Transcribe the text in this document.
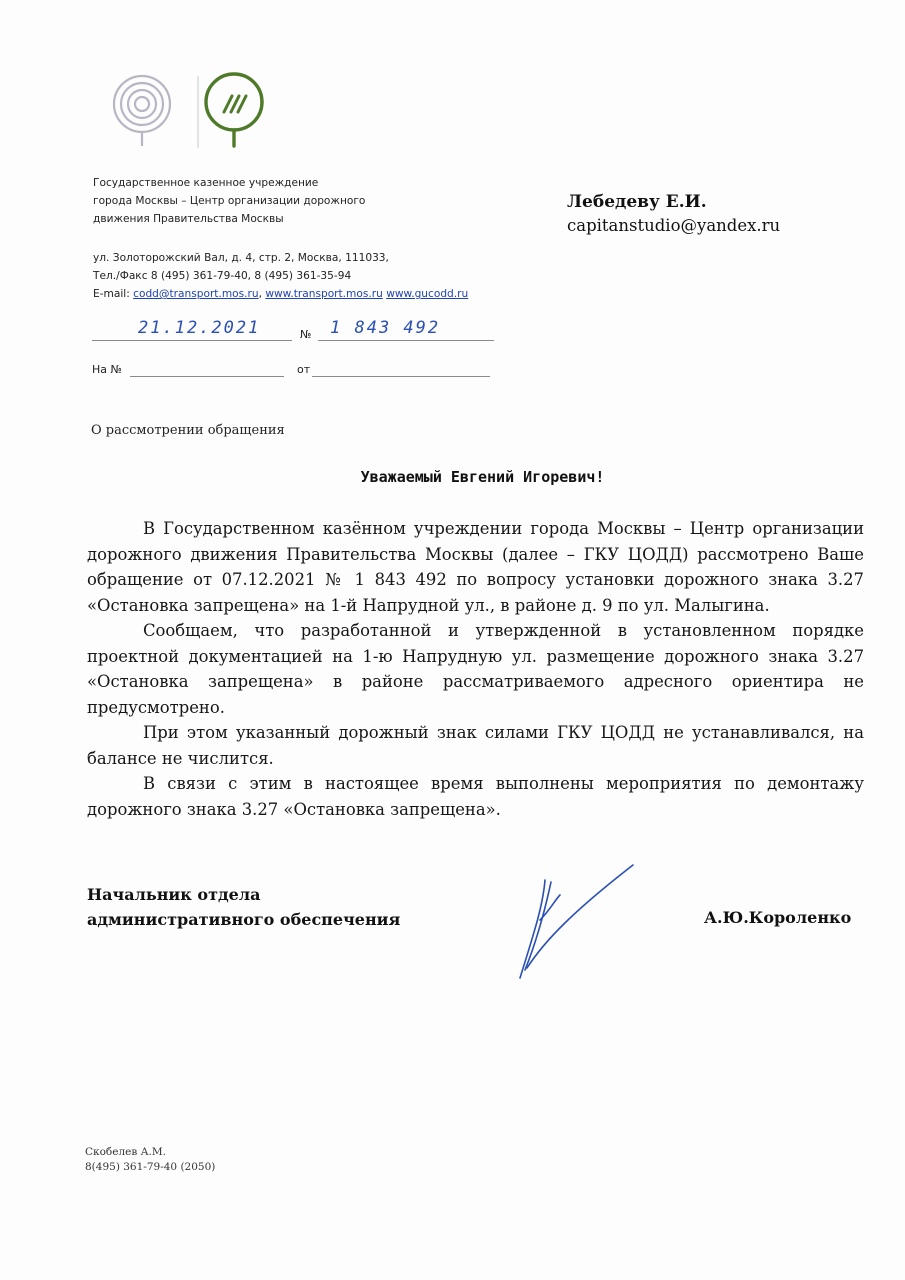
Государственное казенное учреждение
города Москвы – Центр организации дорожного
движения Правительства Москвы
ул. Золоторожский Вал, д. 4, стр. 2, Москва, 111033,
Тел./Факс 8 (495) 361-79-40, 8 (495) 361-35-94
E-mail: codd@transport.mos.ru, www.transport.mos.ru www.gucodd.ru
Лебедеву Е.И.
capitanstudio@yandex.ru
21.12.2021	№ 1 843 492
На №	от
О рассмотрении обращения
Уважаемый Евгений Игоревич!

В Государственном казённом учреждении города Москвы – Центр организации дорожного движения Правительства Москвы (далее – ГКУ ЦОДД) рассмотрено Ваше обращение от 07.12.2021 № 1 843 492 по вопросу установки дорожного знака 3.27 «Остановка запрещена» на 1-й Напрудной ул., в районе д. 9 по ул. Малыгина.

Сообщаем, что разработанной и утвержденной в установленном порядке проектной документацией на 1-ю Напрудную ул. размещение дорожного знака 3.27 «Остановка запрещена» в районе рассматриваемого адресного ориентира не предусмотрено.

При этом указанный дорожный знак силами ГКУ ЦОДД не устанавливался, на балансе не числится.

В связи с этим в настоящее время выполнены мероприятия по демонтажу дорожного знака 3.27 «Остановка запрещена».

Начальник отдела
административного обеспечения	А.Ю.Короленко
Скобелев А.М.
8(495) 361-79-40 (2050)
